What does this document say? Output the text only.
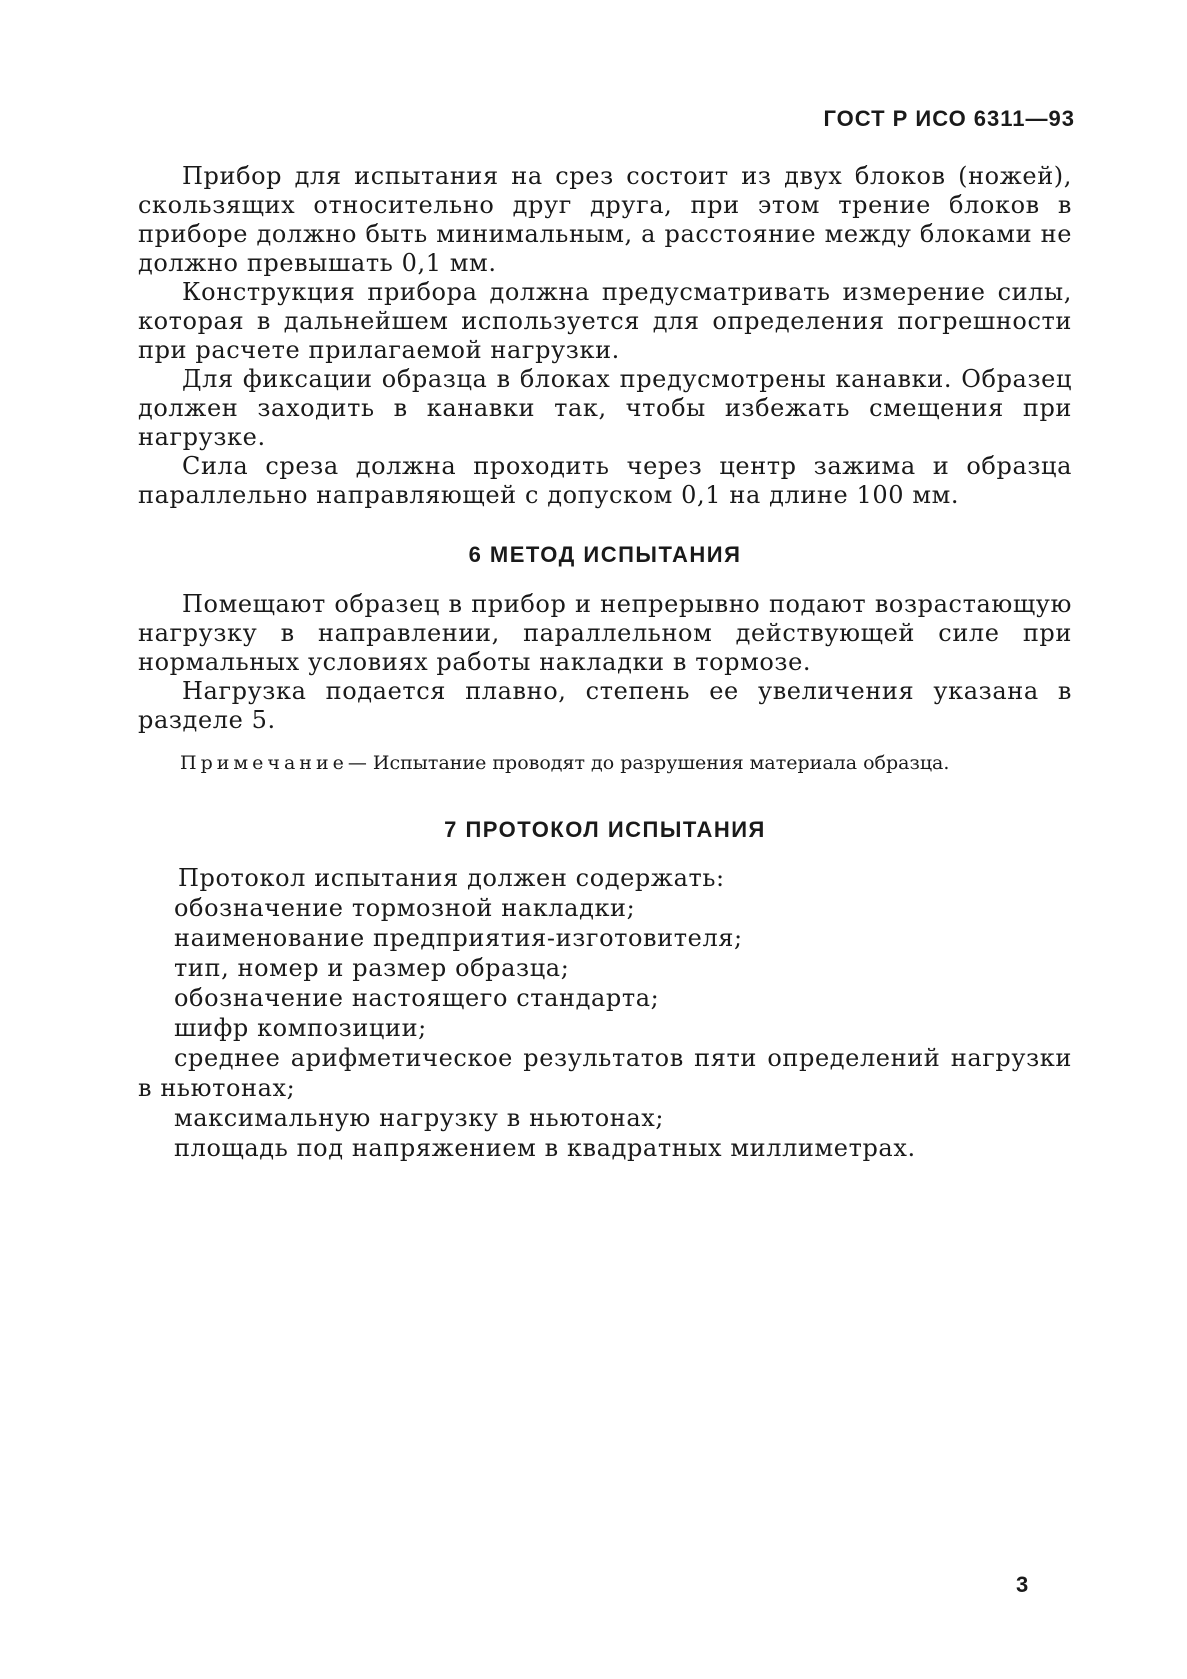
ГОСТ Р ИСО 6311—93

Прибор для испытания на срез состоит из двух блоков (ножей), скользящих относительно друг друга, при этом трение блоков в приборе должно быть минимальным, а расстояние между блоками не должно превышать 0,1 мм.

Конструкция прибора должна предусматривать измерение силы, которая в дальнейшем используется для определения погрешности при расчете прилагаемой нагрузки.

Для фиксации образца в блоках предусмотрены канавки. Образец должен заходить в канавки так, чтобы избежать смещения при нагрузке.

Сила среза должна проходить через центр зажима и образца параллельно направляющей с допуском 0,1 на длине 100 мм.

6 МЕТОД ИСПЫТАНИЯ

Помещают образец в прибор и непрерывно подают возрастающую нагрузку в направлении, параллельном действующей силе при нормальных условиях работы накладки в тормозе.

Нагрузка подается плавно, степень ее увеличения указана в разделе 5.

Примечание— Испытание проводят до разрушения материала образца.

7 ПРОТОКОЛ ИСПЫТАНИЯ

Протокол испытания должен содержать:

обозначение тормозной накладки;

наименование предприятия-изготовителя;

тип, номер и размер образца;

обозначение настоящего стандарта;

шифр композиции;

среднее арифметическое результатов пяти определений нагрузки в ньютонах;

максимальную нагрузку в ньютонах;

площадь под напряжением в квадратных миллиметрах.

3
